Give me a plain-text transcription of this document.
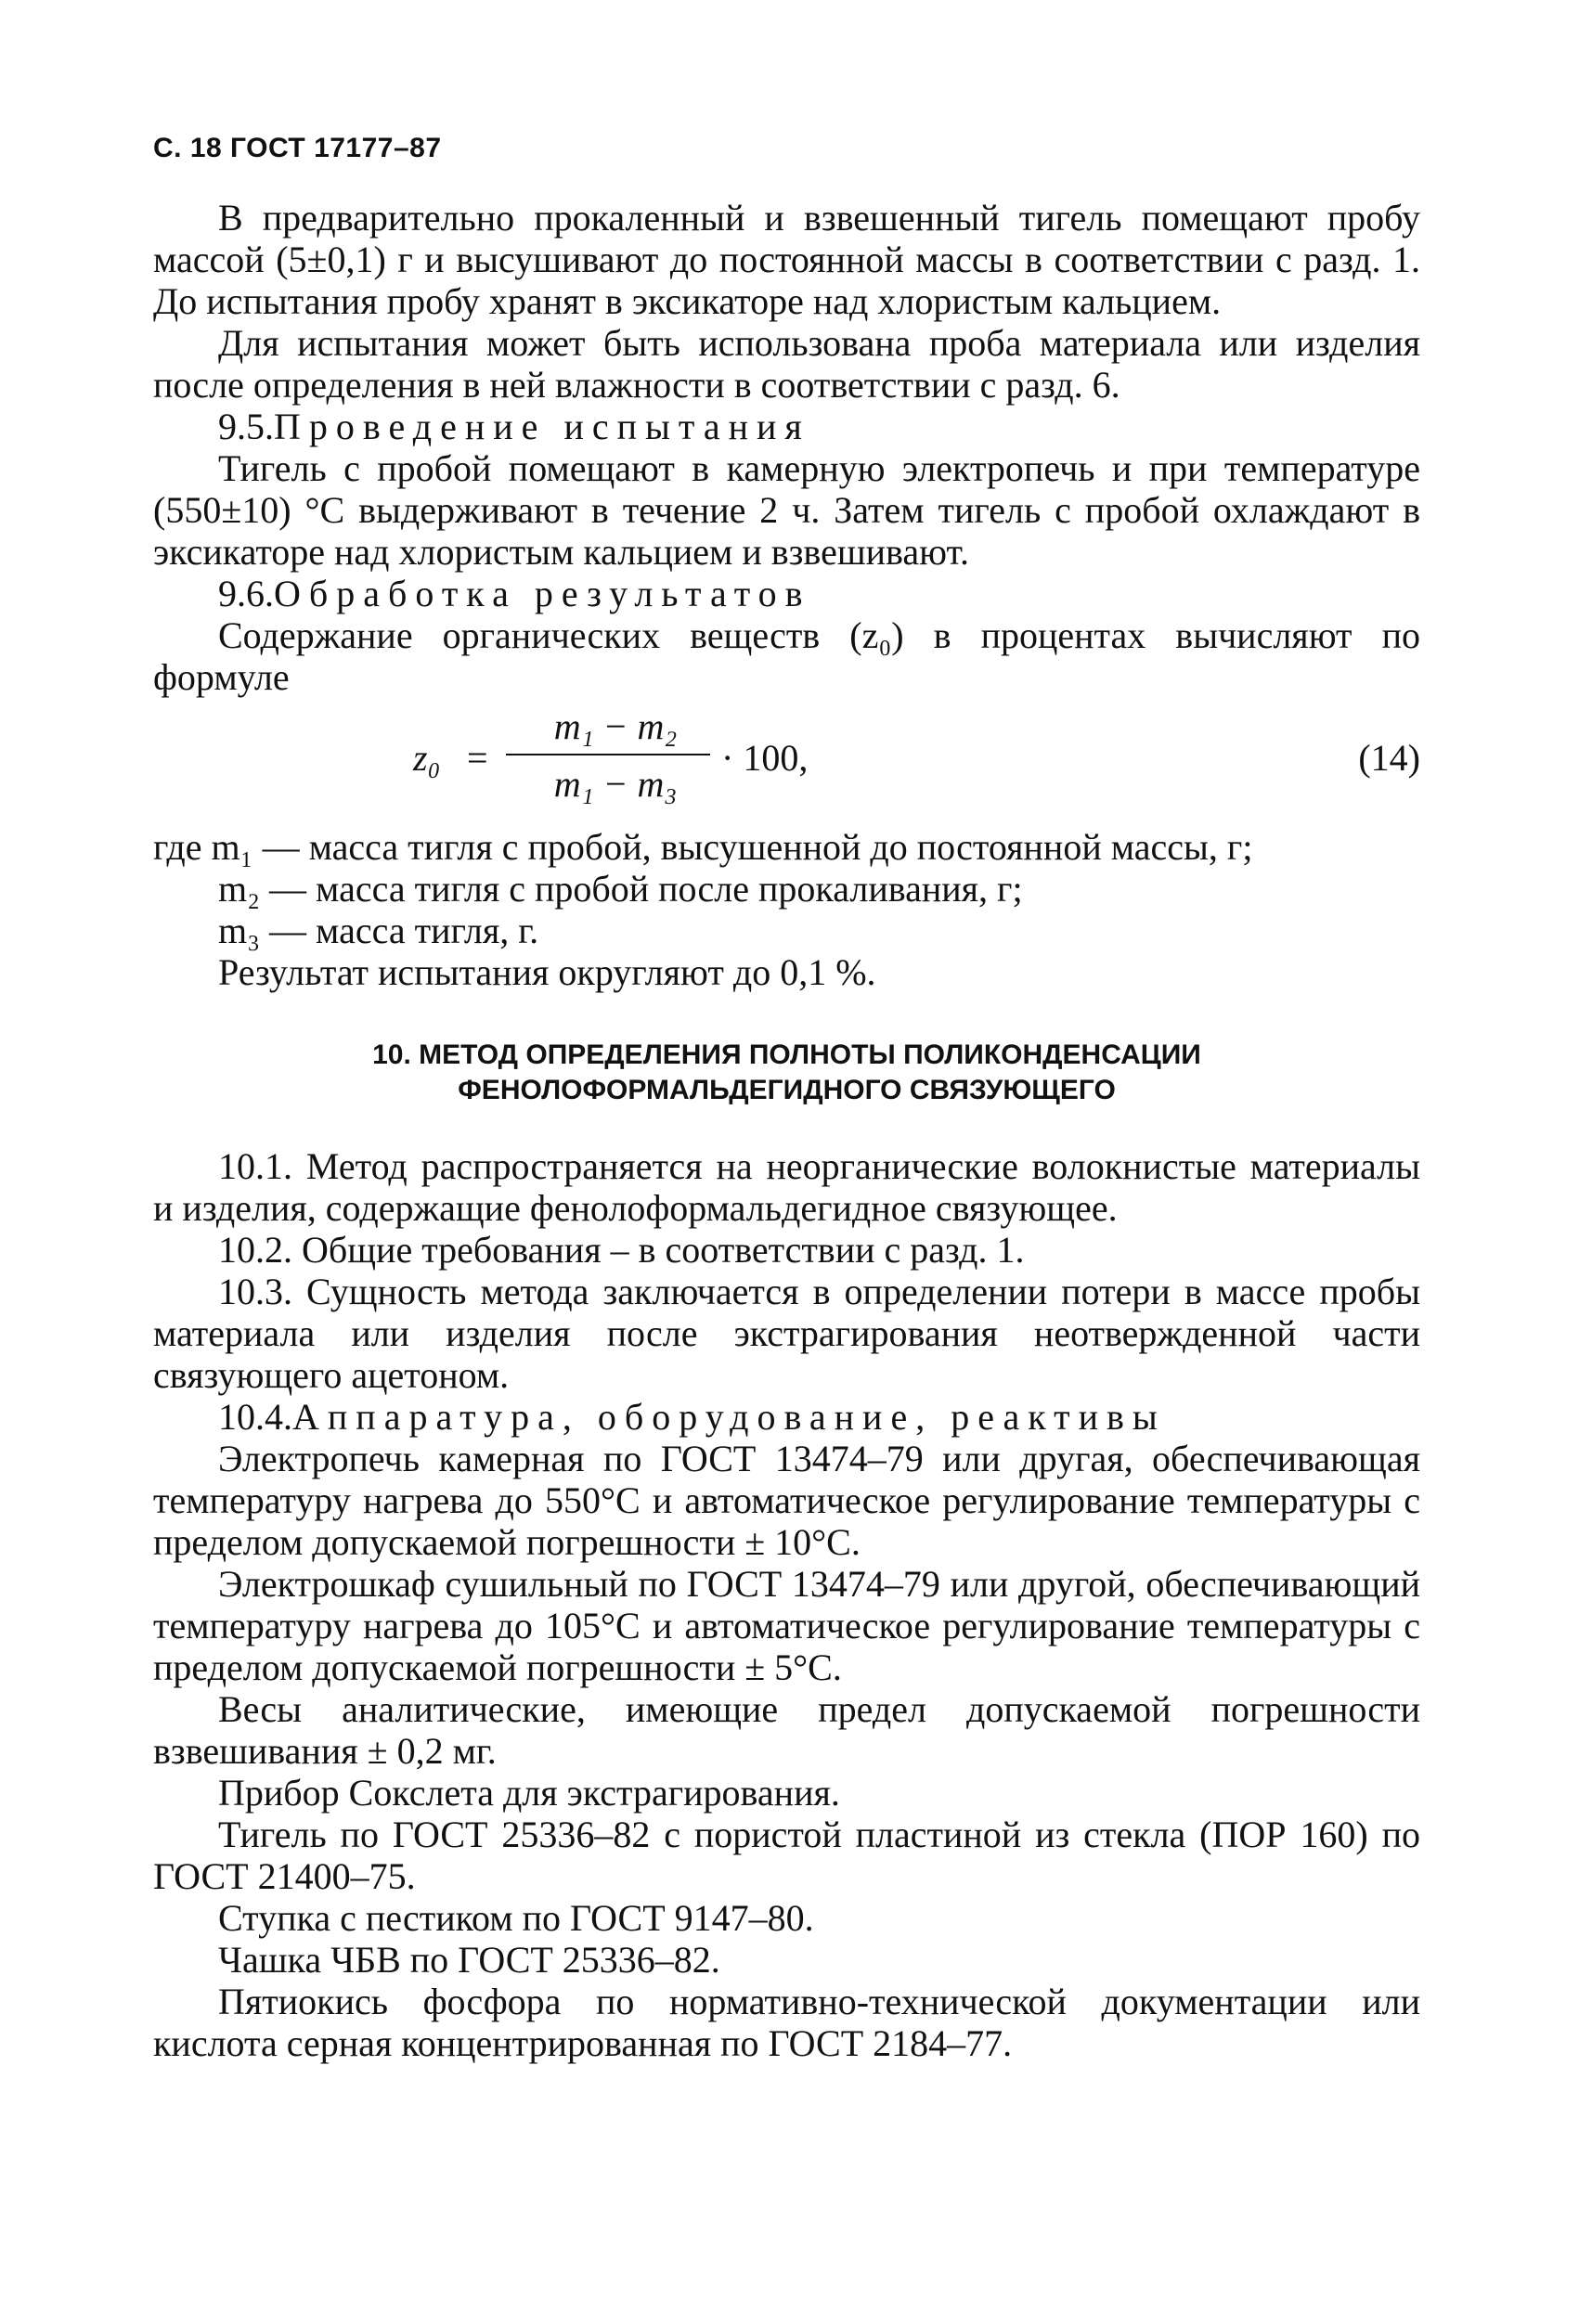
С. 18 ГОСТ 17177–87

В предварительно прокаленный и взвешенный тигель помещают пробу массой (5±0,1) г и высушивают до постоянной массы в соответствии с разд. 1. До испытания пробу хранят в эксикаторе над хлористым кальцием.

Для испытания может быть использована проба материала или изделия после определения в ней влажности в соответствии с разд. 6.

9.5.Проведение испытания

Тигель с пробой помещают в камерную электропечь и при температуре (550±10) °С выдерживают в течение 2 ч. Затем тигель с пробой охлаждают в эксикаторе над хлористым кальцием и взвешивают.

9.6.Обработка результатов

Содержание органических веществ (z₀) в процентах вычисляют по формуле

z₀ =
m₁ − m₂
m₁ − m₃
· 100,	(14)

где m₁ — масса тигля с пробой, высушенной до постоянной массы, г;

m₂ — масса тигля с пробой после прокаливания, г;

m₃ — масса тигля, г.

Результат испытания округляют до 0,1 %.

10. МЕТОД ОПРЕДЕЛЕНИЯ ПОЛНОТЫ ПОЛИКОНДЕНСАЦИИ
ФЕНОЛОФОРМАЛЬДЕГИДНОГО СВЯЗУЮЩЕГО

10.1. Метод распространяется на неорганические волокнистые материалы и изделия, содержащие фенолоформальдегидное связующее.

10.2. Общие требования – в соответствии с разд. 1.

10.3. Сущность метода заключается в определении потери в массе пробы материала или изделия после экстрагирования неотвержденной части связующего ацетоном.

10.4.Аппаратура, оборудование, реактивы

Электропечь камерная по ГОСТ 13474–79 или другая, обеспечивающая температуру нагрева до 550°С и автоматическое регулирование температуры с пределом допускаемой погрешности ± 10°С.

Электрошкаф сушильный по ГОСТ 13474–79 или другой, обеспечивающий температуру нагрева до 105°С и автоматическое регулирование температуры с пределом допускаемой погрешности ± 5°С.

Весы аналитические, имеющие предел допускаемой погрешности взвешивания ± 0,2 мг.

Прибор Сокслета для экстрагирования.

Тигель по ГОСТ 25336–82 с пористой пластиной из стекла (ПОР 160) по ГОСТ 21400–75.

Ступка с пестиком по ГОСТ 9147–80.

Чашка ЧБВ по ГОСТ 25336–82.

Пятиокись фосфора по нормативно-технической документации или кислота серная концентрированная по ГОСТ 2184–77.
